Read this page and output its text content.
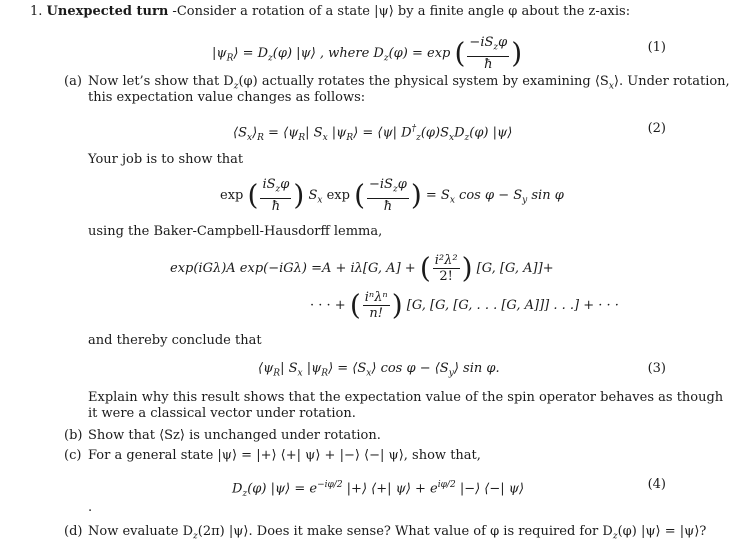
1. Unexpected turn -Consider a rotation of a state |ψ⟩ by a finite angle φ about the z-axis:
$|\psi_R⟩ = D_z(\varphi)$ |ψ⟩ , where $D_z(\varphi) = \exp$ ( $\frac{-iS_z\varphi}{ħ}$ )	(1)
(a) Now let’s show that $D_z(\varphi)$ actually rotates the physical system by examining $⟨S_x⟩$. Under rotation,
this expectation value changes as follows:
$⟨S_x⟩_R$ = $⟨\psi_R|$ $S_x$ $|\psi_R⟩$ = ⟨ψ| $D^\dagger_z(\varphi)S_xD_z(\varphi)$ |ψ⟩	(2)
Your job is to show that
exp ( $\frac{iS_z\varphi}{ħ}$ ) $S_x$ exp ( $\frac{-iS_z\varphi}{ħ}$ ) = $S_x$ $\cos \varphi - S_y$ sin φ
using the Baker-Campbell-Hausdorff lemma,
exp(iGλ)A exp(−iGλ) =A + iλ[G, A] + ( $\frac{\text{i²λ²}}{2!}$ ) [G, [G, A]]+
· · · + ( $\frac{\text{iⁿλⁿ}}{n!}$ ) [G, [G, [G, . . . [G, A]]] . . .] + · · ·
and thereby conclude that
$⟨\psi_R|$ $S_x$ $|\psi_R⟩$ = $⟨S_x⟩$ $\cos \varphi - ⟨S_y⟩$ sin φ.	(3)
Explain why this result shows that the expectation value of the spin operator behaves as though
it were a classical vector under rotation.
(b) Show that ⟨Sz⟩ is unchanged under rotation.
(c) For a general state |ψ⟩ = |+⟩ ⟨+| ψ⟩ + |−⟩ ⟨−| ψ⟩, show that,
$D_z(\varphi)$ |ψ⟩ = $e^{-i\varphi/2}$ |+⟩ ⟨+| ψ⟩ + $e^{i\varphi/2}$ |−⟩ ⟨−| ψ⟩	(4)
.
(d) Now evaluate $D_z(2\pi)$ |ψ⟩. Does it make sense? What value of φ is required for $D_z(\varphi)$ |ψ⟩ = |ψ⟩?
